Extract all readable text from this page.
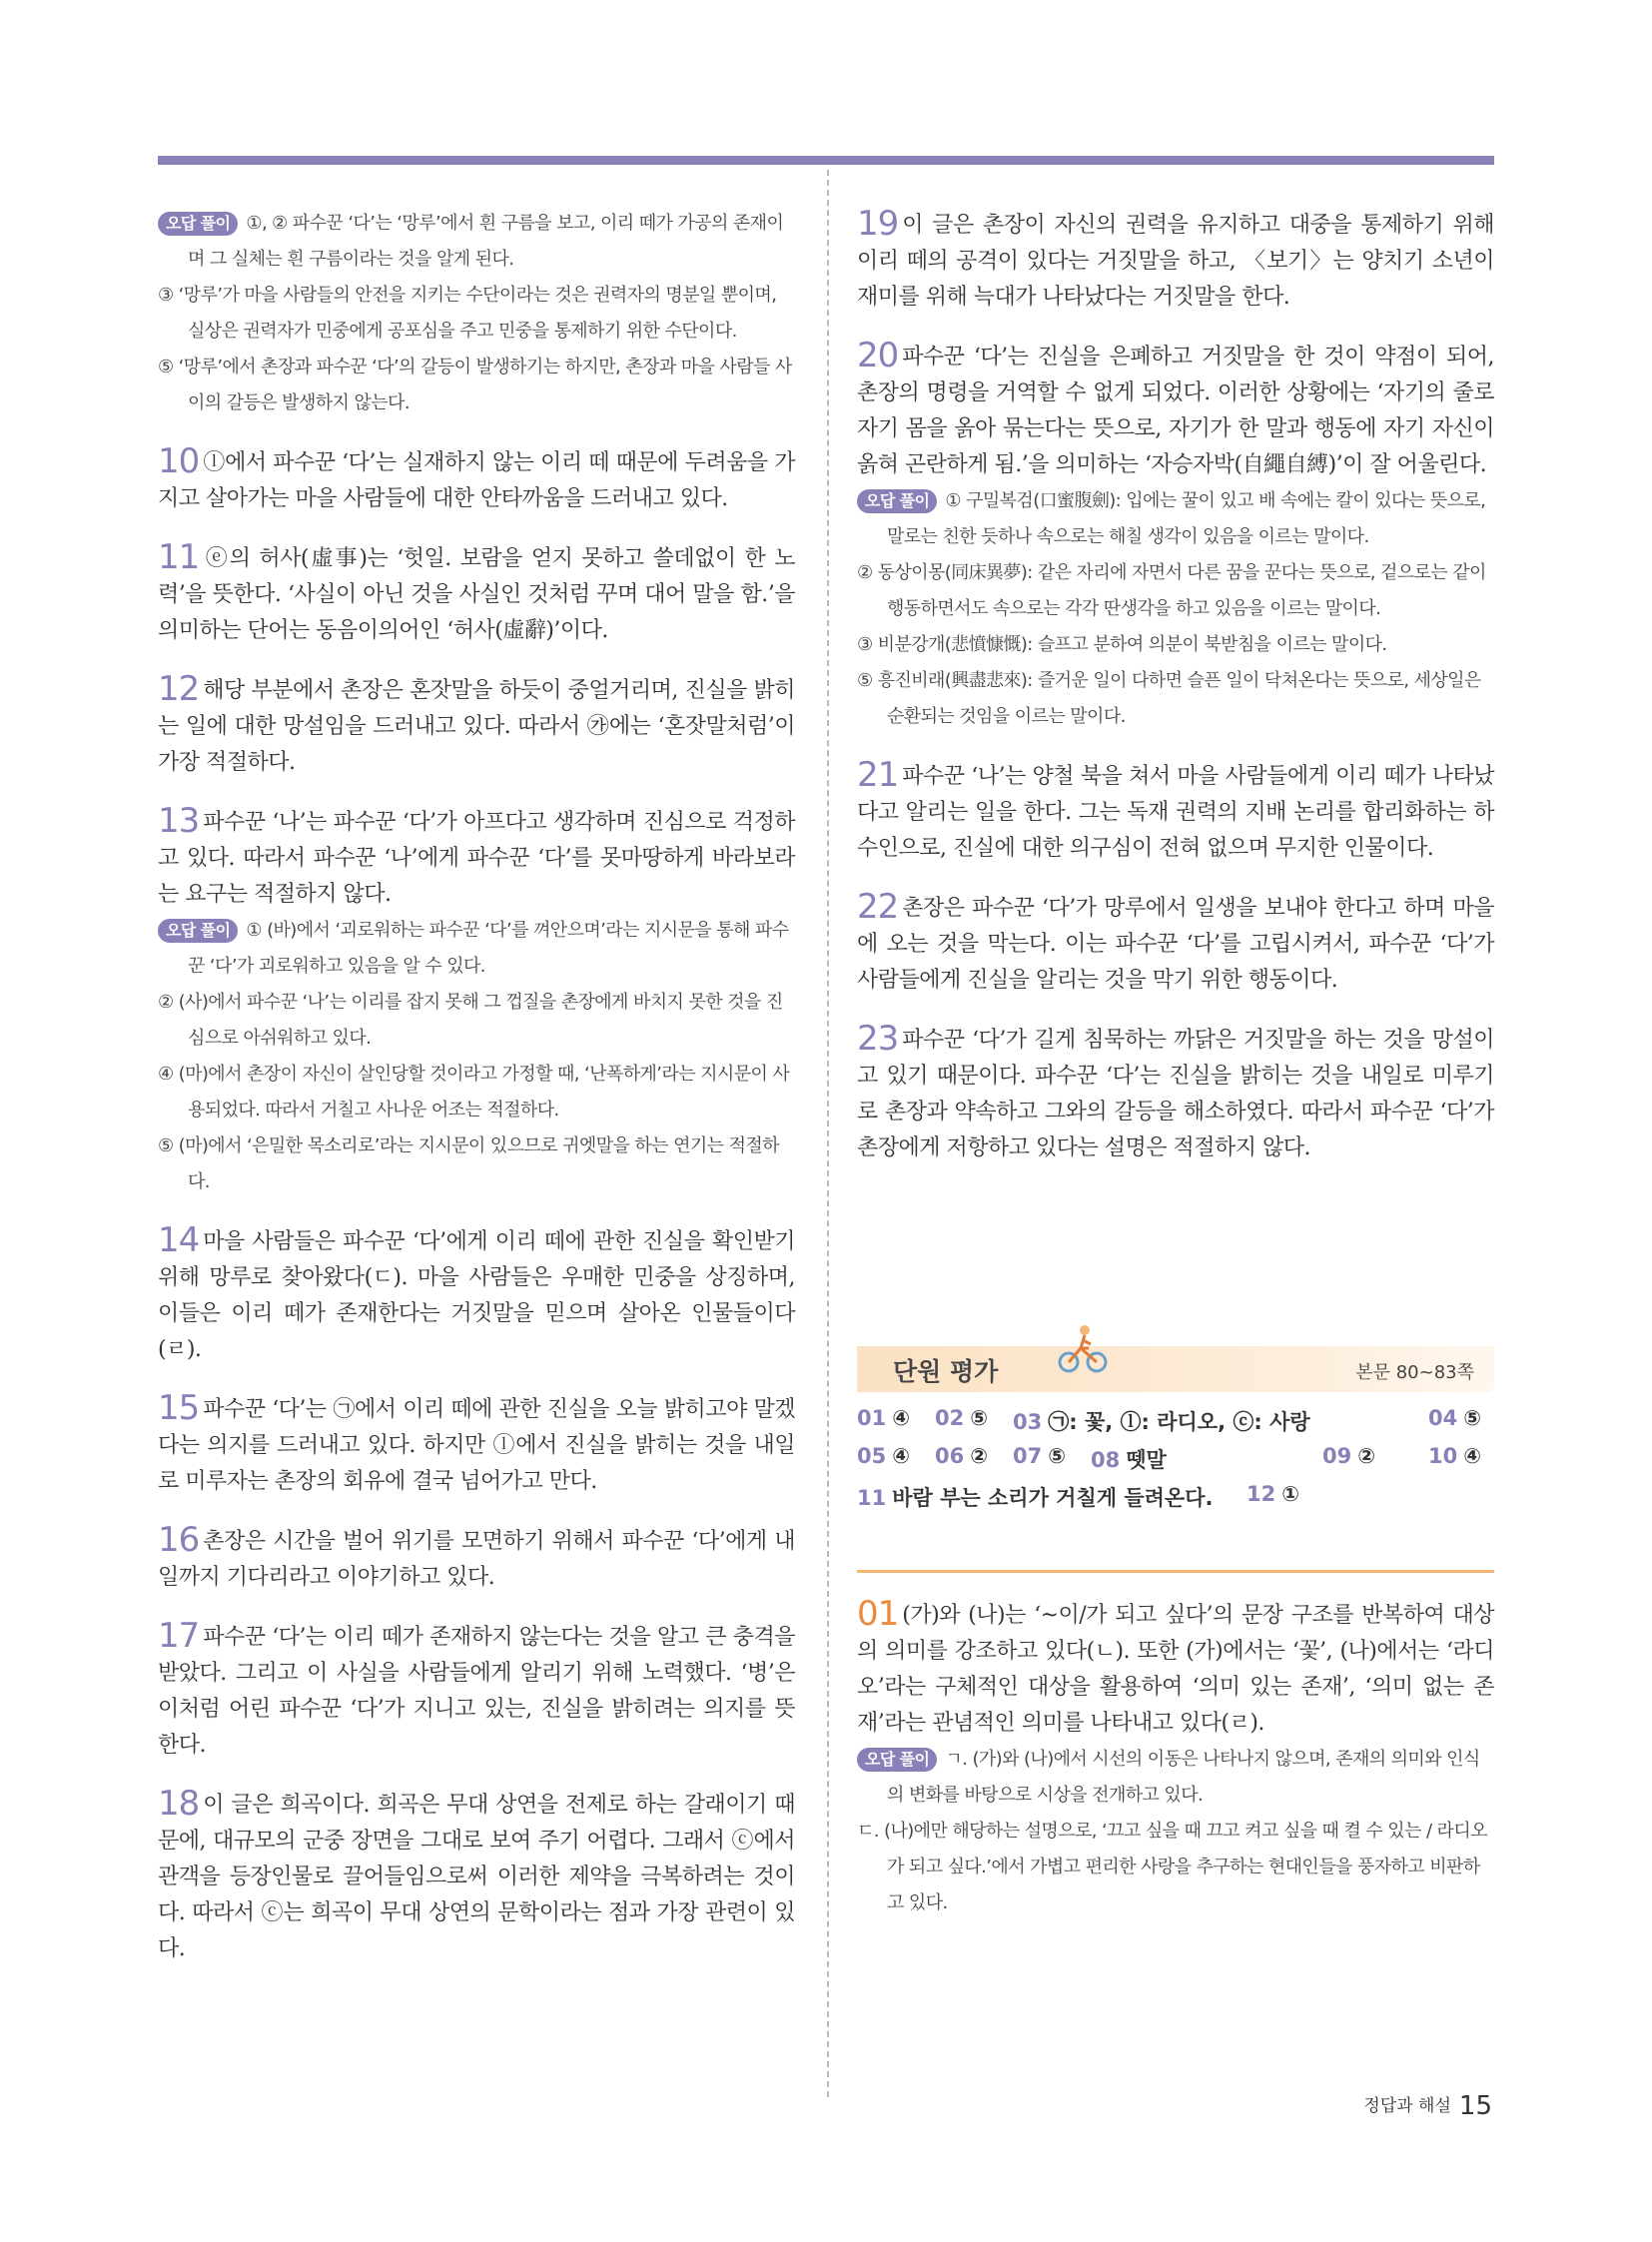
오답 풀이 ①, ② 파수꾼 ‘다’는 ‘망루’에서 흰 구름을 보고, 이리 떼가 가공의 존재이며 그 실체는 흰 구름이라는 것을 알게 된다.
③ ‘망루’가 마을 사람들의 안전을 지키는 수단이라는 것은 권력자의 명분일 뿐이며, 실상은 권력자가 민중에게 공포심을 주고 민중을 통제하기 위한 수단이다.
⑤ ‘망루’에서 촌장과 파수꾼 ‘다’의 갈등이 발생하기는 하지만, 촌장과 마을 사람들 사이의 갈등은 발생하지 않는다.

10 ⓛ에서 파수꾼 ‘다’는 실재하지 않는 이리 떼 때문에 두려움을 가지고 살아가는 마을 사람들에 대한 안타까움을 드러내고 있다.

11 ⓔ의 허사(虛事)는 ‘헛일. 보람을 얻지 못하고 쓸데없이 한 노력’을 뜻한다. ‘사실이 아닌 것을 사실인 것처럼 꾸며 대어 말을 함.’을 의미하는 단어는 동음이의어인 ‘허사(虛辭)’이다.

12 해당 부분에서 촌장은 혼잣말을 하듯이 중얼거리며, 진실을 밝히는 일에 대한 망설임을 드러내고 있다. 따라서 ㉮에는 ‘혼잣말처럼’이 가장 적절하다.

13 파수꾼 ‘나’는 파수꾼 ‘다’가 아프다고 생각하며 진심으로 걱정하고 있다. 따라서 파수꾼 ‘나’에게 파수꾼 ‘다’를 못마땅하게 바라보라는 요구는 적절하지 않다.

오답 풀이 ① (바)에서 ‘괴로워하는 파수꾼 ‘다’를 껴안으며’라는 지시문을 통해 파수꾼 ‘다’가 괴로워하고 있음을 알 수 있다.
② (사)에서 파수꾼 ‘나’는 이리를 잡지 못해 그 껍질을 촌장에게 바치지 못한 것을 진심으로 아쉬워하고 있다.
④ (마)에서 촌장이 자신이 살인당할 것이라고 가정할 때, ‘난폭하게’라는 지시문이 사용되었다. 따라서 거칠고 사나운 어조는 적절하다.
⑤ (마)에서 ‘은밀한 목소리로’라는 지시문이 있으므로 귀엣말을 하는 연기는 적절하다.

14 마을 사람들은 파수꾼 ‘다’에게 이리 떼에 관한 진실을 확인받기 위해 망루로 찾아왔다(ㄷ). 마을 사람들은 우매한 민중을 상징하며, 이들은 이리 떼가 존재한다는 거짓말을 믿으며 살아온 인물들이다(ㄹ).

15 파수꾼 ‘다’는 ㉠에서 이리 떼에 관한 진실을 오늘 밝히고야 말겠다는 의지를 드러내고 있다. 하지만 ⓛ에서 진실을 밝히는 것을 내일로 미루자는 촌장의 회유에 결국 넘어가고 만다.

16 촌장은 시간을 벌어 위기를 모면하기 위해서 파수꾼 ‘다’에게 내일까지 기다리라고 이야기하고 있다.

17 파수꾼 ‘다’는 이리 떼가 존재하지 않는다는 것을 알고 큰 충격을 받았다. 그리고 이 사실을 사람들에게 알리기 위해 노력했다. ‘병’은 이처럼 어린 파수꾼 ‘다’가 지니고 있는, 진실을 밝히려는 의지를 뜻한다.

18 이 글은 희곡이다. 희곡은 무대 상연을 전제로 하는 갈래이기 때문에, 대규모의 군중 장면을 그대로 보여 주기 어렵다. 그래서 ⓒ에서 관객을 등장인물로 끌어들임으로써 이러한 제약을 극복하려는 것이다. 따라서 ⓒ는 희곡이 무대 상연의 문학이라는 점과 가장 관련이 있다.

19 이 글은 촌장이 자신의 권력을 유지하고 대중을 통제하기 위해 이리 떼의 공격이 있다는 거짓말을 하고, 〈보기〉는 양치기 소년이 재미를 위해 늑대가 나타났다는 거짓말을 한다.

20 파수꾼 ‘다’는 진실을 은폐하고 거짓말을 한 것이 약점이 되어, 촌장의 명령을 거역할 수 없게 되었다. 이러한 상황에는 ‘자기의 줄로 자기 몸을 옭아 묶는다는 뜻으로, 자기가 한 말과 행동에 자기 자신이 옭혀 곤란하게 됨.’을 의미하는 ‘자승자박(自繩自縛)’이 잘 어울린다.

오답 풀이 ① 구밀복검(口蜜腹劍): 입에는 꿀이 있고 배 속에는 칼이 있다는 뜻으로, 말로는 친한 듯하나 속으로는 해칠 생각이 있음을 이르는 말이다.
② 동상이몽(同床異夢): 같은 자리에 자면서 다른 꿈을 꾼다는 뜻으로, 겉으로는 같이 행동하면서도 속으로는 각각 딴생각을 하고 있음을 이르는 말이다.
③ 비분강개(悲憤慷慨): 슬프고 분하여 의분이 북받침을 이르는 말이다.
⑤ 흥진비래(興盡悲來): 즐거운 일이 다하면 슬픈 일이 닥쳐온다는 뜻으로, 세상일은 순환되는 것임을 이르는 말이다.

21 파수꾼 ‘나’는 양철 북을 쳐서 마을 사람들에게 이리 떼가 나타났다고 알리는 일을 한다. 그는 독재 권력의 지배 논리를 합리화하는 하수인으로, 진실에 대한 의구심이 전혀 없으며 무지한 인물이다.

22 촌장은 파수꾼 ‘다’가 망루에서 일생을 보내야 한다고 하며 마을에 오는 것을 막는다. 이는 파수꾼 ‘다’를 고립시켜서, 파수꾼 ‘다’가 사람들에게 진실을 알리는 것을 막기 위한 행동이다.

23 파수꾼 ‘다’가 길게 침묵하는 까닭은 거짓말을 하는 것을 망설이고 있기 때문이다. 파수꾼 ‘다’는 진실을 밝히는 것을 내일로 미루기로 촌장과 약속하고 그와의 갈등을 해소하였다. 따라서 파수꾼 ‘다’가 촌장에게 저항하고 있다는 설명은 적절하지 않다.

단원 평가	본문 80~83쪽
01 ④ 02 ⑤ 03 ㉠: 꽃, ⓛ: 라디오, ⓒ: 사랑	04 ⑤
05 ④ 06 ② 07 ⑤ 08 뗏말	09 ②	10 ④
11 바람 부는 소리가 거칠게 들려온다. 12 ①

01 (가)와 (나)는 ‘~이/가 되고 싶다’의 문장 구조를 반복하여 대상의 의미를 강조하고 있다(ㄴ). 또한 (가)에서는 ‘꽃’, (나)에서는 ‘라디오’라는 구체적인 대상을 활용하여 ‘의미 있는 존재’, ‘의미 없는 존재’라는 관념적인 의미를 나타내고 있다(ㄹ).

오답 풀이 ㄱ. (가)와 (나)에서 시선의 이동은 나타나지 않으며, 존재의 의미와 인식의 변화를 바탕으로 시상을 전개하고 있다.
ㄷ. (나)에만 해당하는 설명으로, ‘끄고 싶을 때 끄고 켜고 싶을 때 켤 수 있는 / 라디오가 되고 싶다.’에서 가볍고 편리한 사랑을 추구하는 현대인들을 풍자하고 비판하고 있다.
정답과 해설 15
